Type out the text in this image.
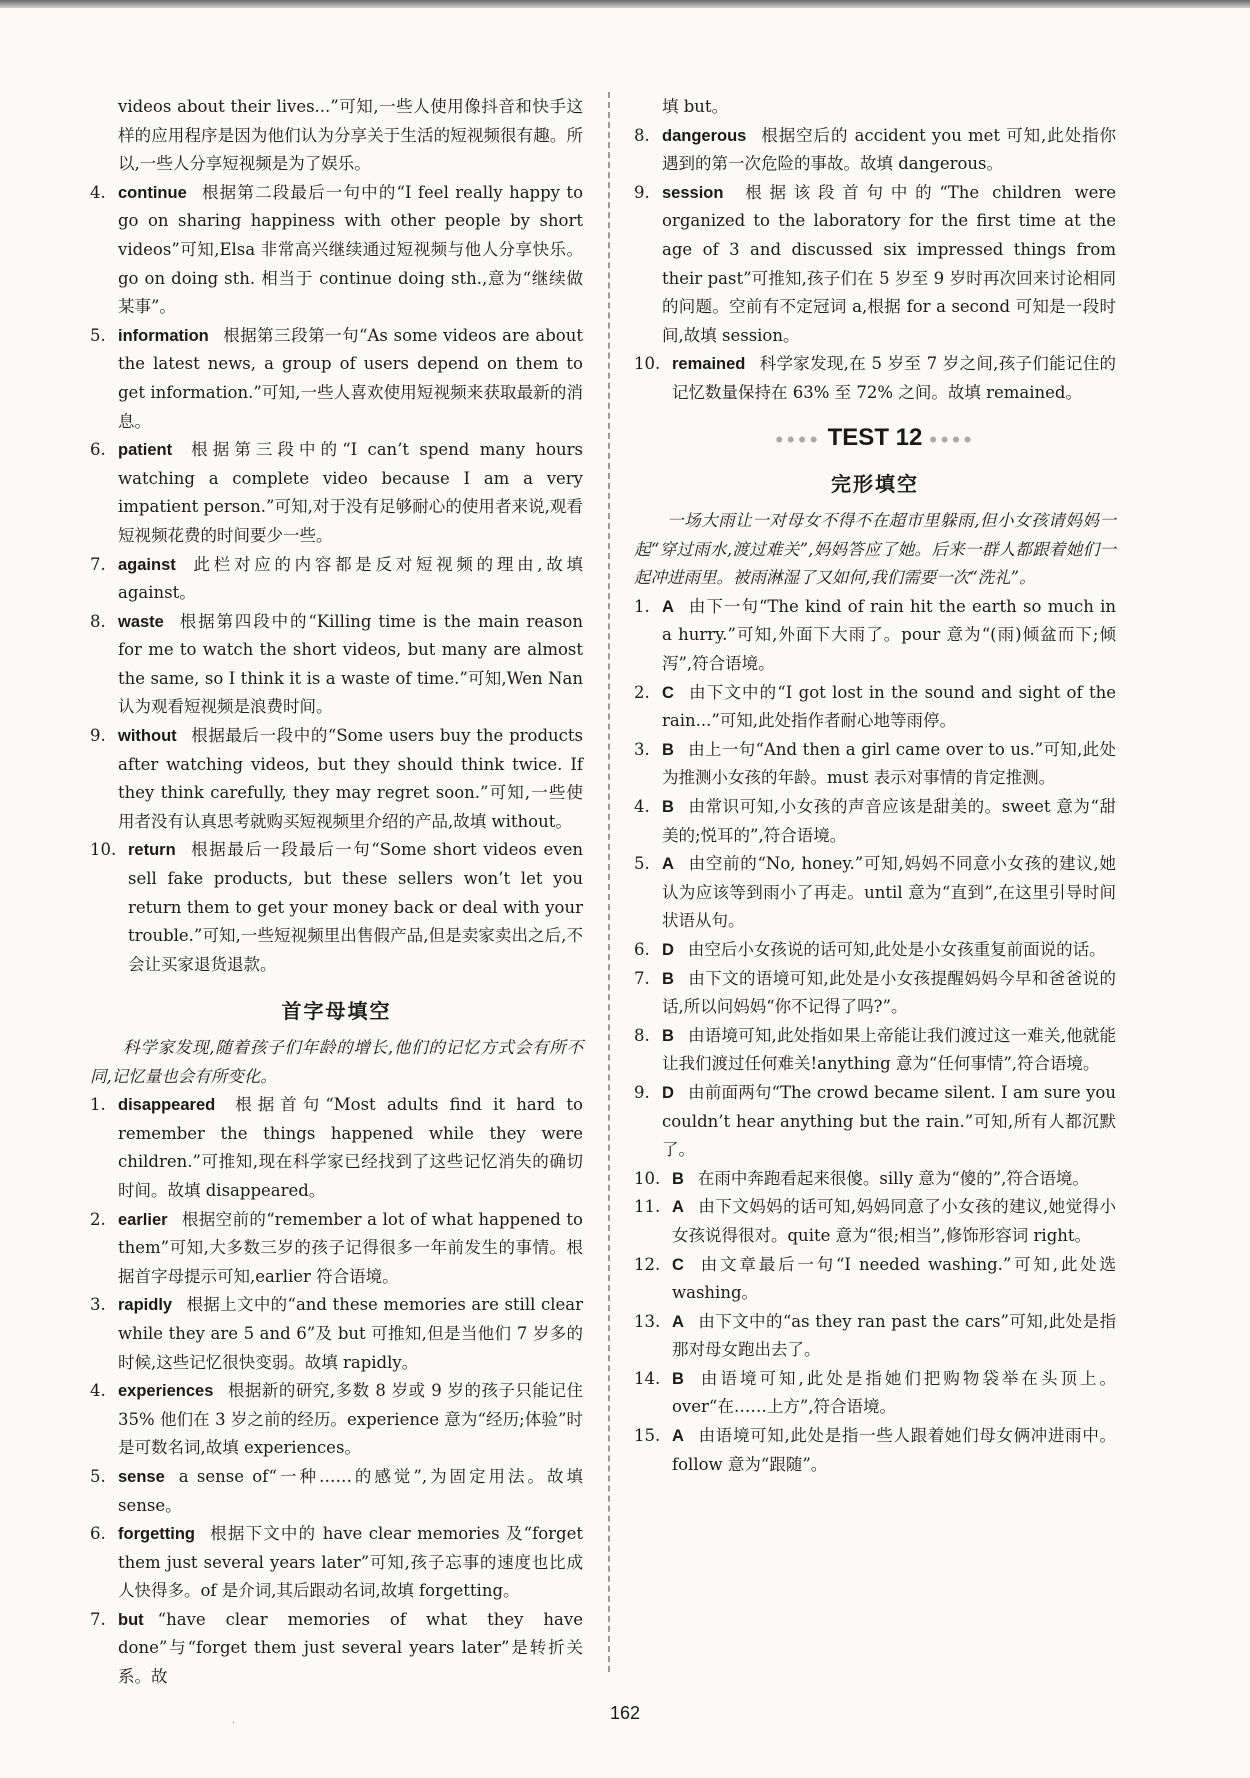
videos about their lives...”可知,一些人使用像抖音和快手这样的应用程序是因为他们认为分享关于生活的短视频很有趣。所以,一些人分享短视频是为了娱乐。
4. continue 根据第二段最后一句中的“I feel really happy to go on sharing happiness with other people by short videos”可知,Elsa 非常高兴继续通过短视频与他人分享快乐。go on doing sth. 相当于 continue doing sth.,意为“继续做某事”。
5. information 根据第三段第一句“As some videos are about the latest news, a group of users depend on them to get information.”可知,一些人喜欢使用短视频来获取最新的消息。
6. patient 根据第三段中的“I can’t spend many hours watching a complete video because I am a very impatient person.”可知,对于没有足够耐心的使用者来说,观看短视频花费的时间要少一些。
7. against 此栏对应的内容都是反对短视频的理由,故填 against。
8. waste 根据第四段中的“Killing time is the main reason for me to watch the short videos, but many are almost the same, so I think it is a waste of time.”可知,Wen Nan 认为观看短视频是浪费时间。
9. without 根据最后一段中的“Some users buy the products after watching videos, but they should think twice. If they think carefully, they may regret soon.”可知,一些使用者没有认真思考就购买短视频里介绍的产品,故填 without。
10. return 根据最后一段最后一句“Some short videos even sell fake products, but these sellers won’t let you return them to get your money back or deal with your trouble.”可知,一些短视频里出售假产品,但是卖家卖出之后,不会让买家退货退款。
首字母填空
科学家发现,随着孩子们年龄的增长,他们的记忆方式会有所不同,记忆量也会有所变化。
1. disappeared 根据首句“Most adults find it hard to remember the things happened while they were children.”可推知,现在科学家已经找到了这些记忆消失的确切时间。故填 disappeared。
2. earlier 根据空前的“remember a lot of what happened to them”可知,大多数三岁的孩子记得很多一年前发生的事情。根据首字母提示可知,earlier 符合语境。
3. rapidly 根据上文中的“and these memories are still clear while they are 5 and 6”及 but 可推知,但是当他们 7 岁多的时候,这些记忆很快变弱。故填 rapidly。
4. experiences 根据新的研究,多数 8 岁或 9 岁的孩子只能记住 35% 他们在 3 岁之前的经历。experience 意为“经历;体验”时是可数名词,故填 experiences。
5. sense a sense of“一种……的感觉”,为固定用法。故填 sense。
6. forgetting 根据下文中的 have clear memories 及“forget them just several years later”可知,孩子忘事的速度也比成人快得多。of 是介词,其后跟动名词,故填 forgetting。
7. but “have clear memories of what they have done”与“forget them just several years later”是转折关系。故
填 but。
8. dangerous 根据空后的 accident you met 可知,此处指你遇到的第一次危险的事故。故填 dangerous。
9. session 根据该段首句中的“The children were organized to the laboratory for the first time at the age of 3 and discussed six impressed things from their past”可推知,孩子们在 5 岁至 9 岁时再次回来讨论相同的问题。空前有不定冠词 a,根据 for a second 可知是一段时间,故填 session。
10. remained 科学家发现,在 5 岁至 7 岁之间,孩子们能记住的记忆数量保持在 63% 至 72% 之间。故填 remained。
●●●● TEST 12 ●●●●
完形填空
一场大雨让一对母女不得不在超市里躲雨,但小女孩请妈妈一起“穿过雨水,渡过难关”,妈妈答应了她。后来一群人都跟着她们一起冲进雨里。被雨淋湿了又如何,我们需要一次“洗礼”。
1. A 由下一句“The kind of rain hit the earth so much in a hurry.”可知,外面下大雨了。pour 意为“(雨)倾盆而下;倾泻”,符合语境。
2. C 由下文中的“I got lost in the sound and sight of the rain...”可知,此处指作者耐心地等雨停。
3. B 由上一句“And then a girl came over to us.”可知,此处为推测小女孩的年龄。must 表示对事情的肯定推测。
4. B 由常识可知,小女孩的声音应该是甜美的。sweet 意为“甜美的;悦耳的”,符合语境。
5. A 由空前的“No, honey.”可知,妈妈不同意小女孩的建议,她认为应该等到雨小了再走。until 意为“直到”,在这里引导时间状语从句。
6. D 由空后小女孩说的话可知,此处是小女孩重复前面说的话。
7. B 由下文的语境可知,此处是小女孩提醒妈妈今早和爸爸说的话,所以问妈妈“你不记得了吗?”。
8. B 由语境可知,此处指如果上帝能让我们渡过这一难关,他就能让我们渡过任何难关!anything 意为“任何事情”,符合语境。
9. D 由前面两句“The crowd became silent. I am sure you couldn’t hear anything but the rain.”可知,所有人都沉默了。
10. B 在雨中奔跑看起来很傻。silly 意为“傻的”,符合语境。
11. A 由下文妈妈的话可知,妈妈同意了小女孩的建议,她觉得小女孩说得很对。quite 意为“很;相当”,修饰形容词 right。
12. C 由文章最后一句“I needed washing.”可知,此处选 washing。
13. A 由下文中的“as they ran past the cars”可知,此处是指那对母女跑出去了。
14. B 由语境可知,此处是指她们把购物袋举在头顶上。over“在……上方”,符合语境。
15. A 由语境可知,此处是指一些人跟着她们母女俩冲进雨中。follow 意为“跟随”。
162
.
